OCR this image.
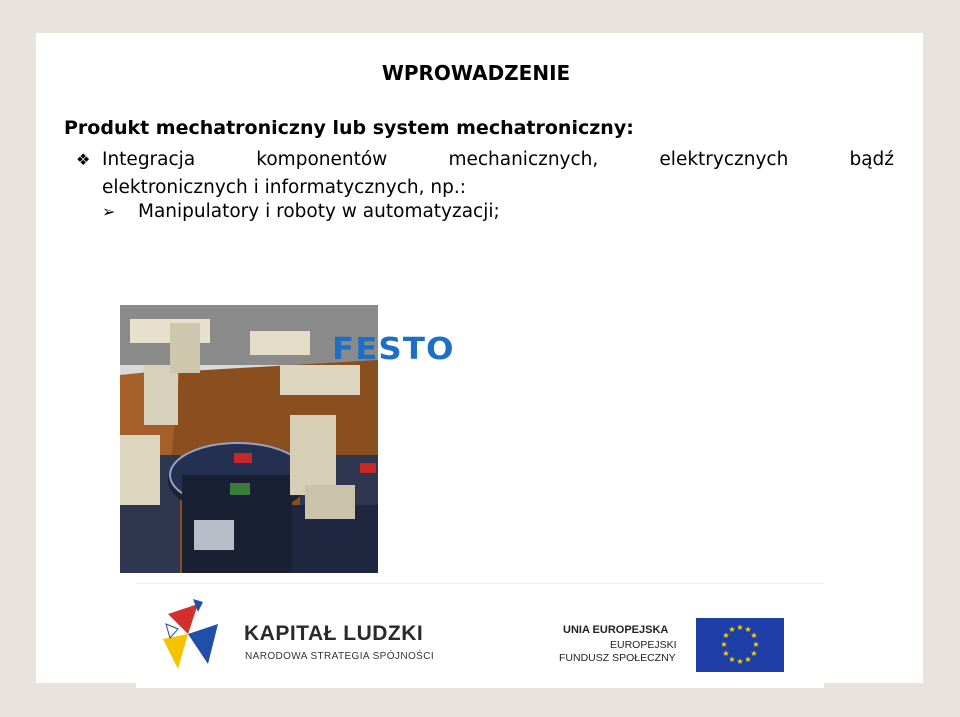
WPROWADZENIE
Produkt mechatroniczny lub system mechatroniczny:
❖ Integracja komponentów mechanicznych, elektrycznych bądź
elektronicznych i informatycznych, np.:
➢ Manipulatory i roboty w automatyzacji;
FESTO
KAPITAŁ LUDZKI
NARODOWA STRATEGIA SPÓJNOŚCI
UNIA EUROPEJSKA
EUROPEJSKI
FUNDUSZ SPOŁECZNY
★ ★
★
★
★
★
★
★
★
★
★
★
